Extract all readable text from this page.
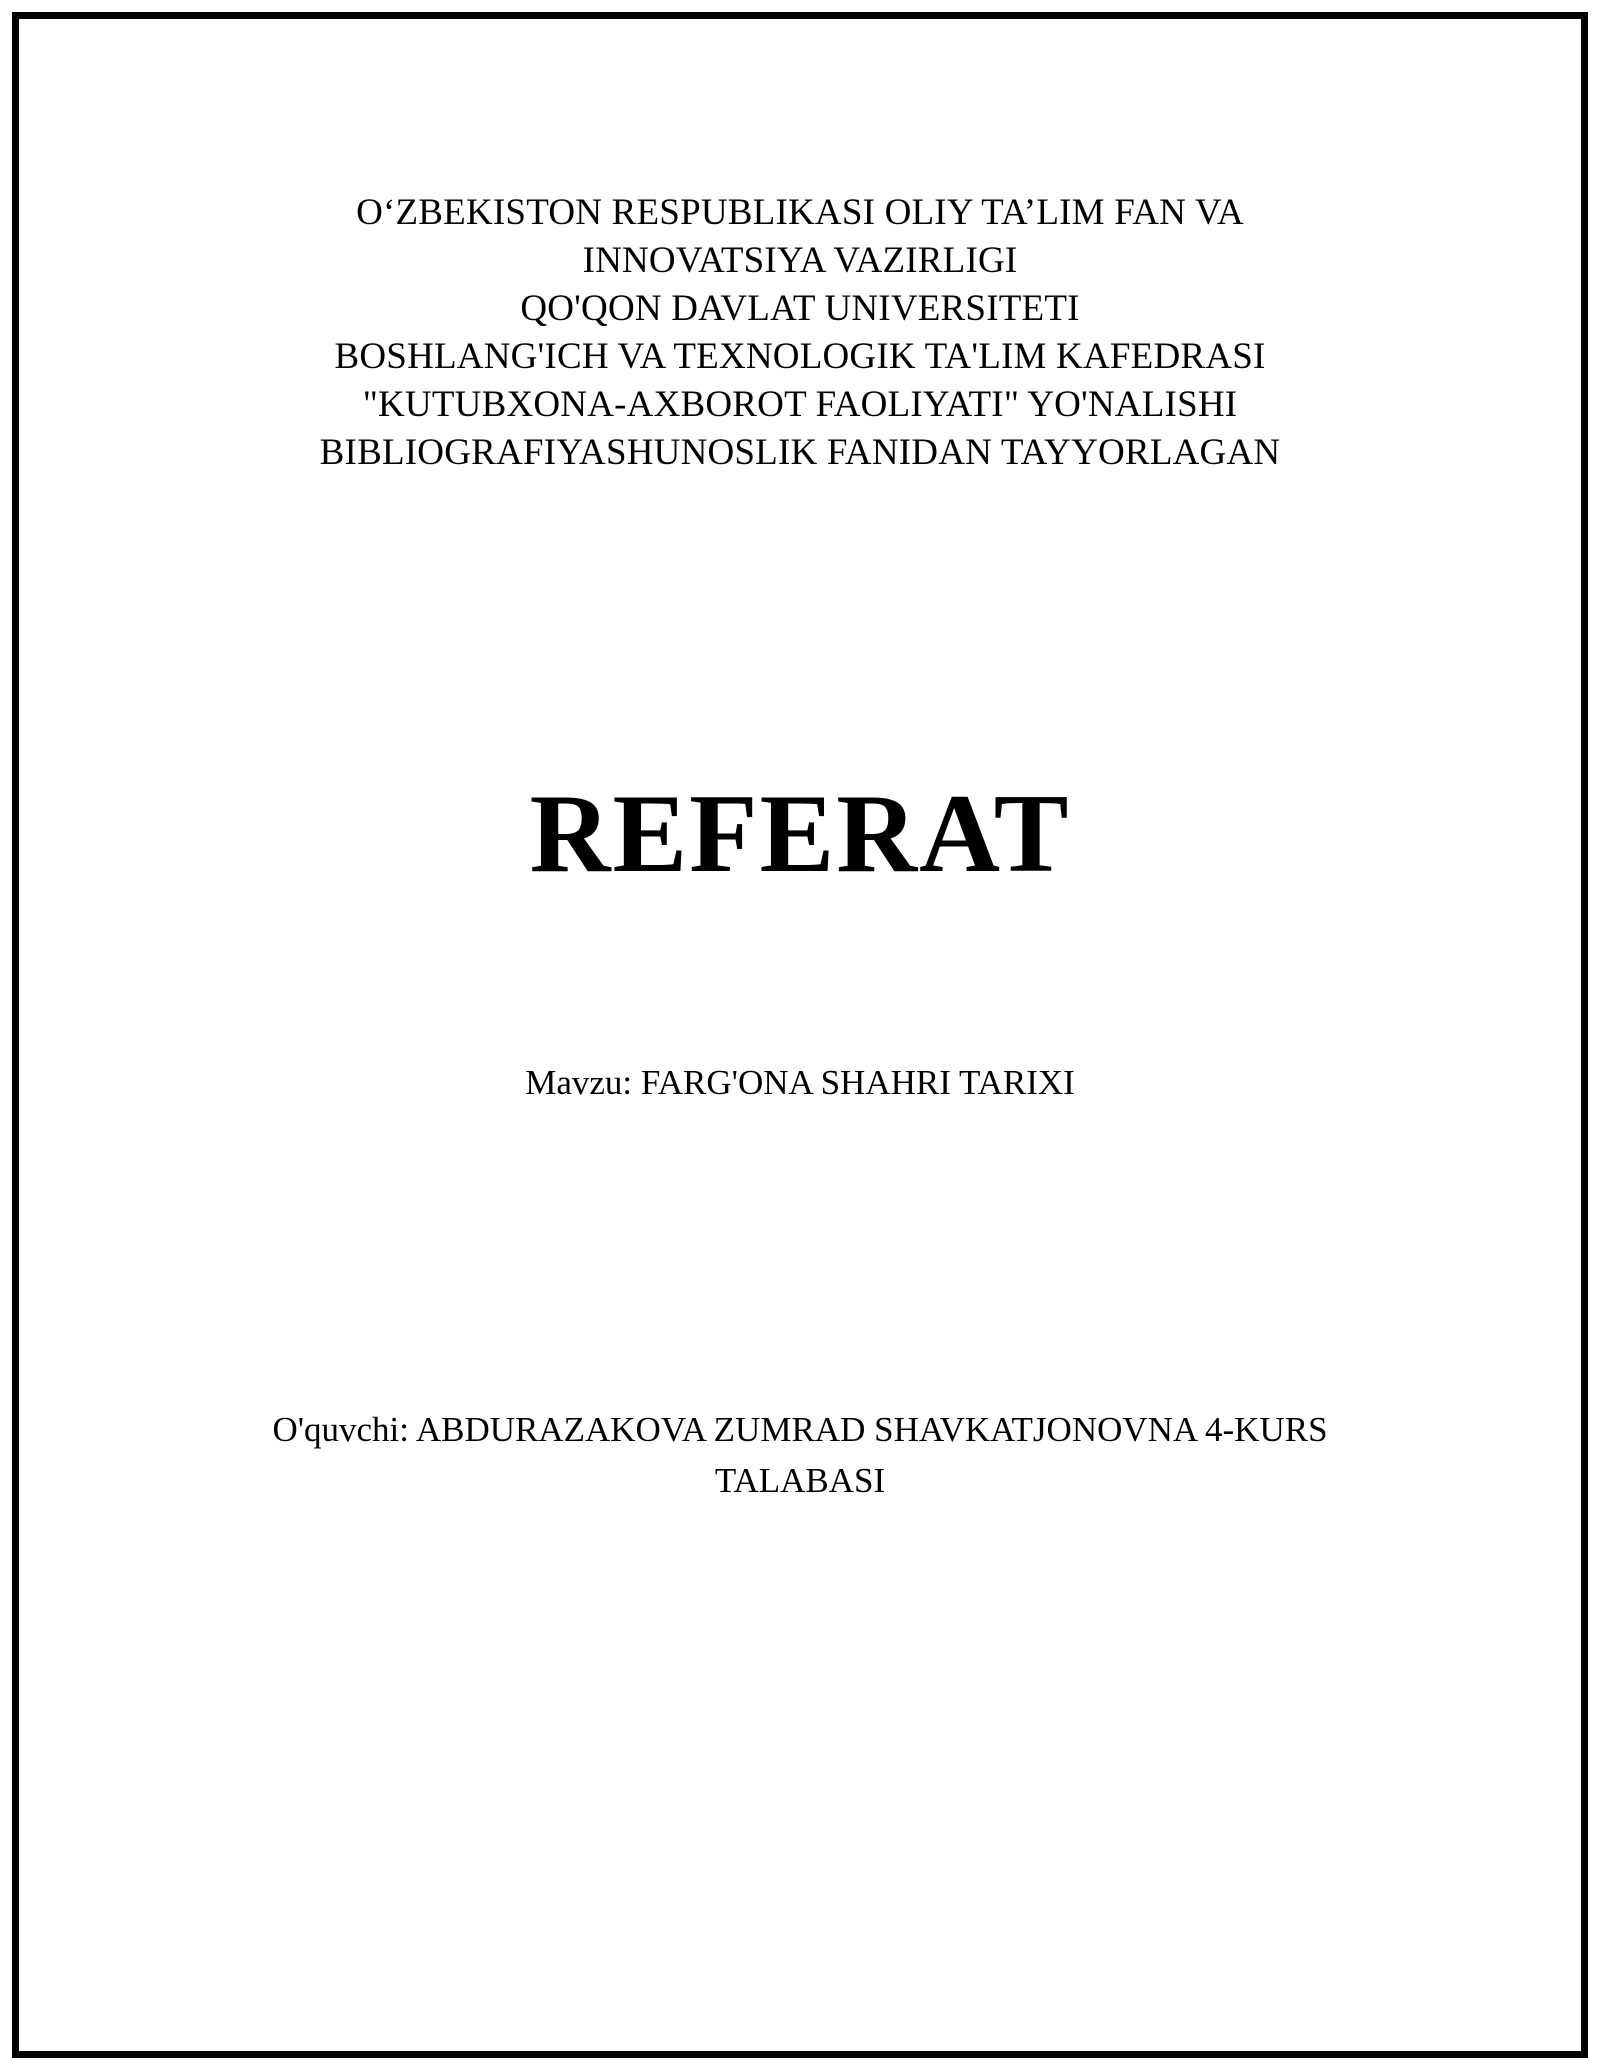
O‘ZBEKISTON RESPUBLIKASI OLIY TA’LIM FAN VA
INNOVATSIYA VAZIRLIGI
QO'QON DAVLAT UNIVERSITETI
BOSHLANG'ICH VA TEXNOLOGIK TA'LIM KAFEDRASI
"KUTUBXONA-AXBOROT FAOLIYATI" YO'NALISHI
BIBLIOGRAFIYASHUNOSLIK FANIDAN TAYYORLAGAN
REFERAT
Mavzu: FARG'ONA SHAHRI TARIXI
O'quvchi: ABDURAZAKOVA ZUMRAD SHAVKATJONOVNA 4-KURS TALABASI
